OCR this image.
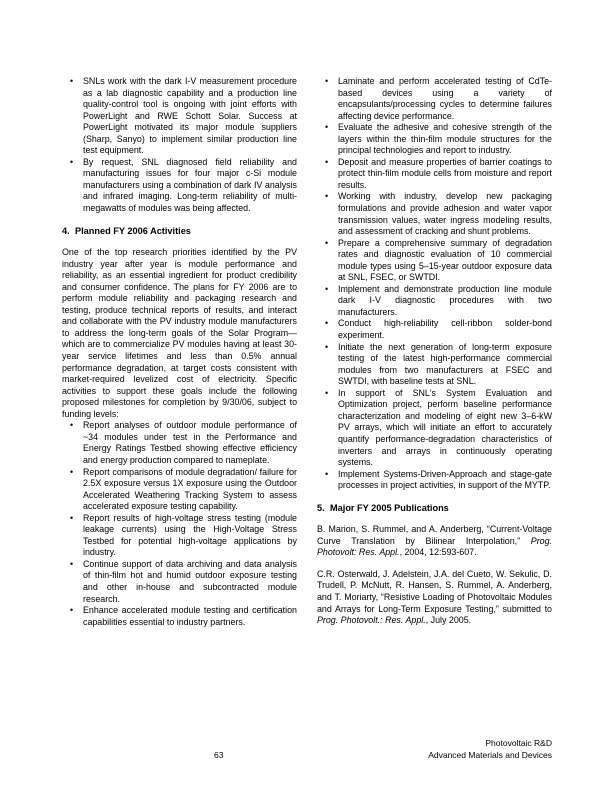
• SNLs work with the dark I-V measurement procedure as a lab diagnostic capability and a production line quality-control tool is ongoing with joint efforts with PowerLight and RWE Schott Solar. Success at PowerLight motivated its major module suppliers (Sharp, Sanyo) to implement similar production line test equipment.
• By request, SNL diagnosed field reliability and manufacturing issues for four major c-Si module manufacturers using a combination of dark IV analysis and infrared imaging. Long-term reliability of multi-megawatts of modules was being affected.
4. Planned FY 2006 Activities

One of the top research priorities identified by the PV industry year after year is module performance and reliability, as an essential ingredient for product credibility and consumer confidence. The plans for FY 2006 are to perform module reliability and packaging research and testing, produce technical reports of results, and interact and collaborate with the PV industry module manufacturers to address the long-term goals of the Solar Program—which are to commercialize PV modules having at least 30-year service lifetimes and less than 0.5% annual performance degradation, at target costs consistent with market-required levelized cost of electricity. Specific activities to support these goals include the following proposed milestones for completion by 9/30/06, subject to funding levels:

• Report analyses of outdoor module performance of ~34 modules under test in the Performance and Energy Ratings Testbed showing effective efficiency and energy production compared to nameplate.
• Report comparisons of module degradation/ failure for 2.5X exposure versus 1X exposure using the Outdoor Accelerated Weathering Tracking System to assess accelerated exposure testing capability.
• Report results of high-voltage stress testing (module leakage currents) using the High-Voltage Stress Testbed for potential high-voltage applications by industry.
• Continue support of data archiving and data analysis of thin-film hot and humid outdoor exposure testing and other in-house and subcontracted module research.
• Enhance accelerated module testing and certification capabilities essential to industry partners.
• Laminate and perform accelerated testing of CdTe-based devices using a variety of encapsulants/processing cycles to determine failures affecting device performance.
• Evaluate the adhesive and cohesive strength of the layers within the thin-film module structures for the principal technologies and report to industry.
• Deposit and measure properties of barrier coatings to protect thin-film module cells from moisture and report results.
• Working with industry, develop new packaging formulations and provide adhesion and water vapor transmission values, water ingress modeling results, and assessment of cracking and shunt problems.
• Prepare a comprehensive summary of degradation rates and diagnostic evaluation of 10 commercial module types using 5–15-year outdoor exposure data at SNL, FSEC, or SWTDI.
• Implement and demonstrate production line module dark I-V diagnostic procedures with two manufacturers.
• Conduct high-reliability cell-ribbon solder-bond experiment.
• Initiate the next generation of long-term exposure testing of the latest high-performance commercial modules from two manufacturers at FSEC and SWTDI, with baseline tests at SNL.
• In support of SNL's System Evaluation and Optimization project, perform baseline performance characterization and modeling of eight new 3–6-kW PV arrays, which will initiate an effort to accurately quantify performance-degradation characteristics of inverters and arrays in continuously operating systems.
• Implement Systems-Driven-Approach and stage-gate processes in project activities, in support of the MYTP.
5. Major FY 2005 Publications

B. Marion, S. Rummel, and A. Anderberg, “Current-Voltage Curve Translation by Bilinear Interpolation,” Prog. Photovolt: Res. Appl., 2004, 12:593-607.

C.R. Osterwald, J. Adelstein, J.A. del Cueto, W. Sekulic, D. Trudell, P. McNutt, R. Hansen, S. Rummel, A. Anderberg, and T. Moriarty, “Resistive Loading of Photovoltaic Modules and Arrays for Long-Term Exposure Testing,” submitted to Prog. Photovolt.: Res. Appl., July 2005.

63
Photovoltaic R&D
Advanced Materials and Devices
